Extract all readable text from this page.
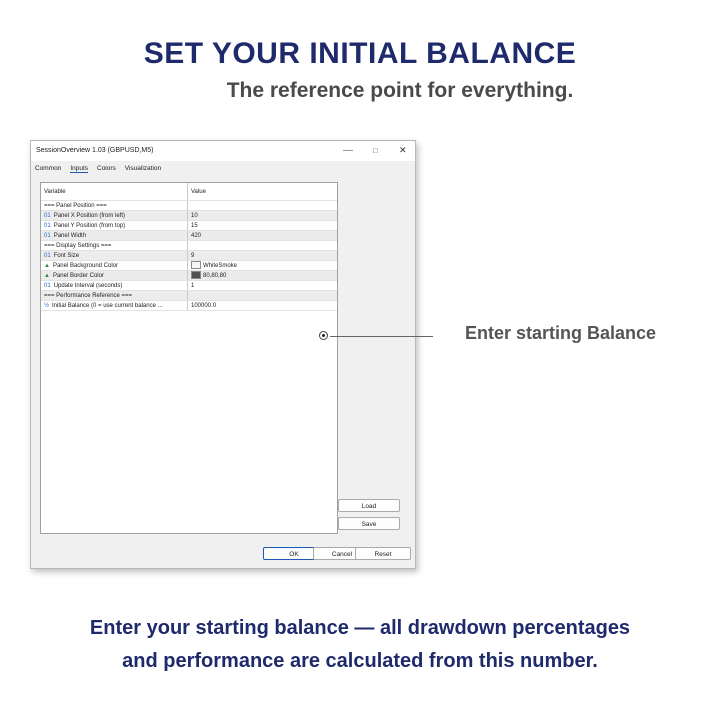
SET YOUR INITIAL BALANCE
The reference point for everything.
SessionOverview 1.03 (GBPUSD,M5)	—	□ ✕
Common Inputs Colors Visualization
Variable	Value
=== Panel Position ===
01 Panel X Position (from left)	10
01 Panel Y Position (from top)	15
01 Panel Width	420
=== Display Settings ===
01 Font Size	9
▲ Panel Background Color	WhiteSmoke
▲ Panel Border Color	80,80,80
01 Update Interval (seconds)	1
=== Performance Reference ===
½ Initial Balance (0 = use current balance ...	100000.0
Load
Save
OK	Cancel	Reset
Enter starting Balance
Enter your starting balance — all drawdown percentages
and performance are calculated from this number.
